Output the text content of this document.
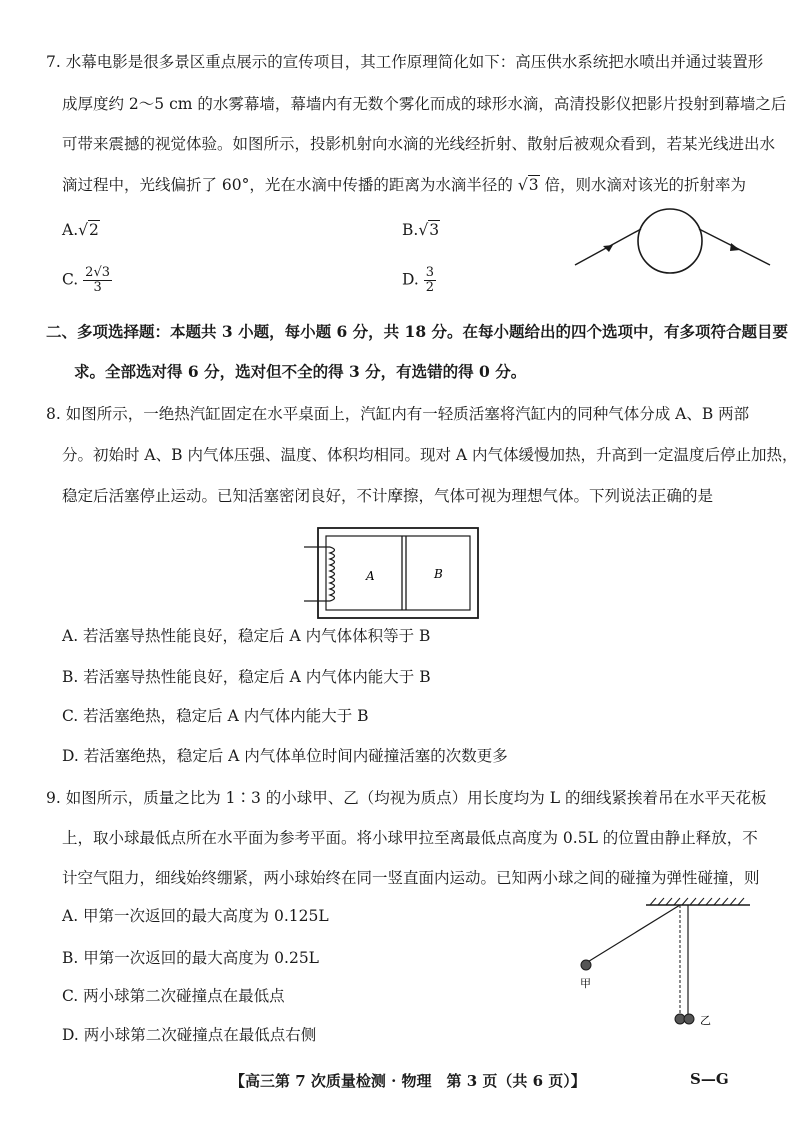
7. 水幕电影是很多景区重点展示的宣传项目，其工作原理简化如下：高压供水系统把水喷出并通过装置形
成厚度约 2～5 cm 的水雾幕墙，幕墙内有无数个雾化而成的球形水滴，高清投影仪把影片投射到幕墙之后
可带来震撼的视觉体验。如图所示，投影机射向水滴的光线经折射、散射后被观众看到，若某光线进出水
滴过程中，光线偏折了 60°，光在水滴中传播的距离为水滴半径的 √3 倍，则水滴对该光的折射率为
A.√2	B.√3
C. $\frac{2√3}{3}$	D. $\frac{3}{2}$
二、多项选择题：本题共 3 小题，每小题 6 分，共 18 分。在每小题给出的四个选项中，有多项符合题目要
求。全部选对得 6 分，选对但不全的得 3 分，有选错的得 0 分。
8. 如图所示，一绝热汽缸固定在水平桌面上，汽缸内有一轻质活塞将汽缸内的同种气体分成 A、B 两部
分。初始时 A、B 内气体压强、温度、体积均相同。现对 A 内气体缓慢加热，升高到一定温度后停止加热，
稳定后活塞停止运动。已知活塞密闭良好，不计摩擦，气体可视为理想气体。下列说法正确的是
A	B
A. 若活塞导热性能良好，稳定后 A 内气体体积等于 B
B. 若活塞导热性能良好，稳定后 A 内气体内能大于 B
C. 若活塞绝热，稳定后 A 内气体内能大于 B
D. 若活塞绝热，稳定后 A 内气体单位时间内碰撞活塞的次数更多
9. 如图所示，质量之比为 1∶3 的小球甲、乙（均视为质点）用长度均为 L 的细线紧挨着吊在水平天花板
上，取小球最低点所在水平面为参考平面。将小球甲拉至离最低点高度为 0.5L 的位置由静止释放，不
计空气阻力，细线始终绷紧，两小球始终在同一竖直面内运动。已知两小球之间的碰撞为弹性碰撞，则
A. 甲第一次返回的最大高度为 0.125L
B. 甲第一次返回的最大高度为 0.25L
C. 两小球第二次碰撞点在最低点
D. 两小球第二次碰撞点在最低点右侧
甲
乙
【高三第 7 次质量检测 · 物理　第 3 页（共 6 页）】	S—G
